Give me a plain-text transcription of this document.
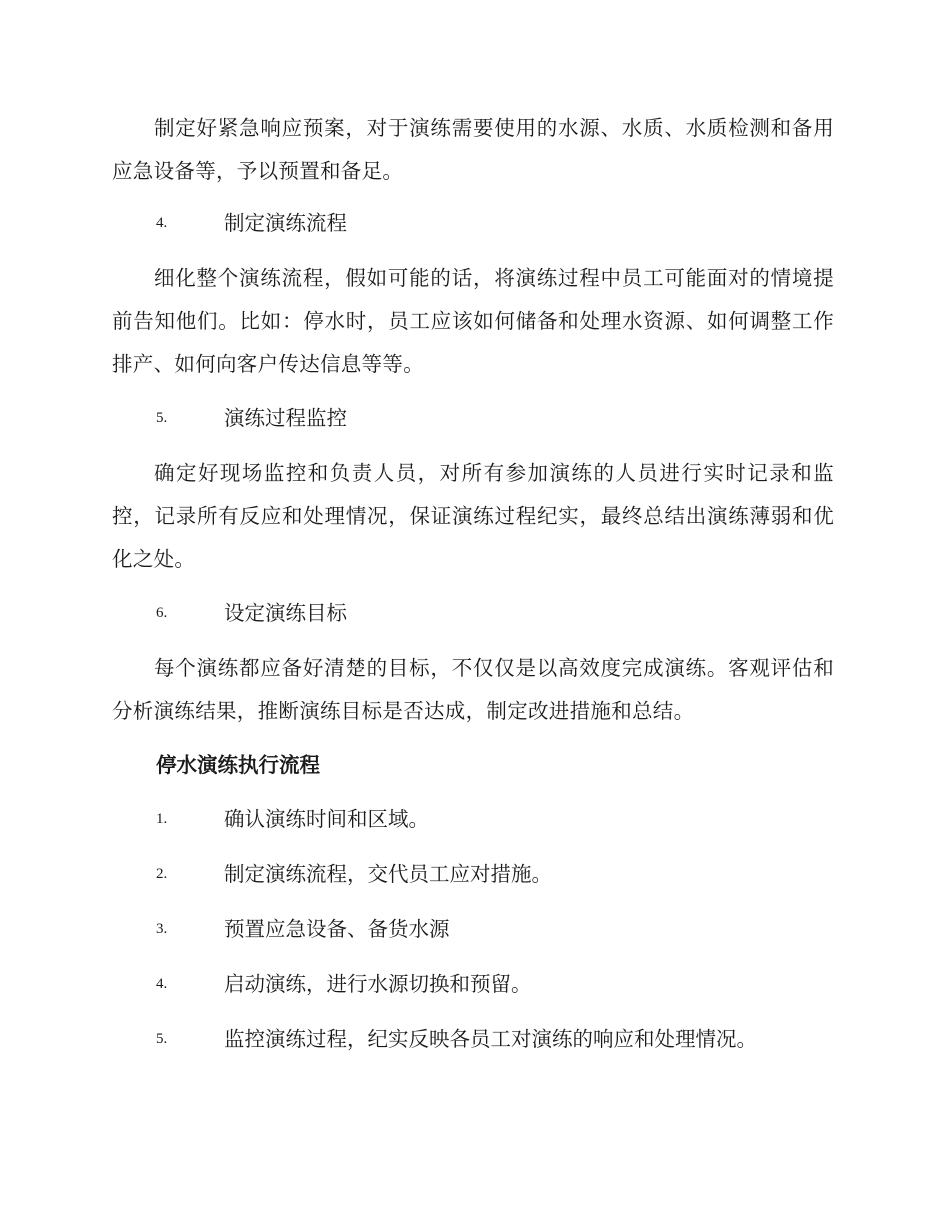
制定好紧急响应预案，对于演练需要使用的水源、水质、水质检测和备用应急设备等，予以预置和备足。

4.	制定演练流程

细化整个演练流程，假如可能的话，将演练过程中员工可能面对的情境提前告知他们。比如：停水时，员工应该如何储备和处理水资源、如何调整工作排产、如何向客户传达信息等等。

5.	演练过程监控

确定好现场监控和负责人员，对所有参加演练的人员进行实时记录和监控，记录所有反应和处理情况，保证演练过程纪实，最终总结出演练薄弱和优化之处。

6.	设定演练目标

每个演练都应备好清楚的目标，不仅仅是以高效度完成演练。客观评估和分析演练结果，推断演练目标是否达成，制定改进措施和总结。

停水演练执行流程
1.	确认演练时间和区域。
2.	制定演练流程，交代员工应对措施。
3.	预置应急设备、备货水源
4.	启动演练，进行水源切换和预留。
5.	监控演练过程，纪实反映各员工对演练的响应和处理情况。
